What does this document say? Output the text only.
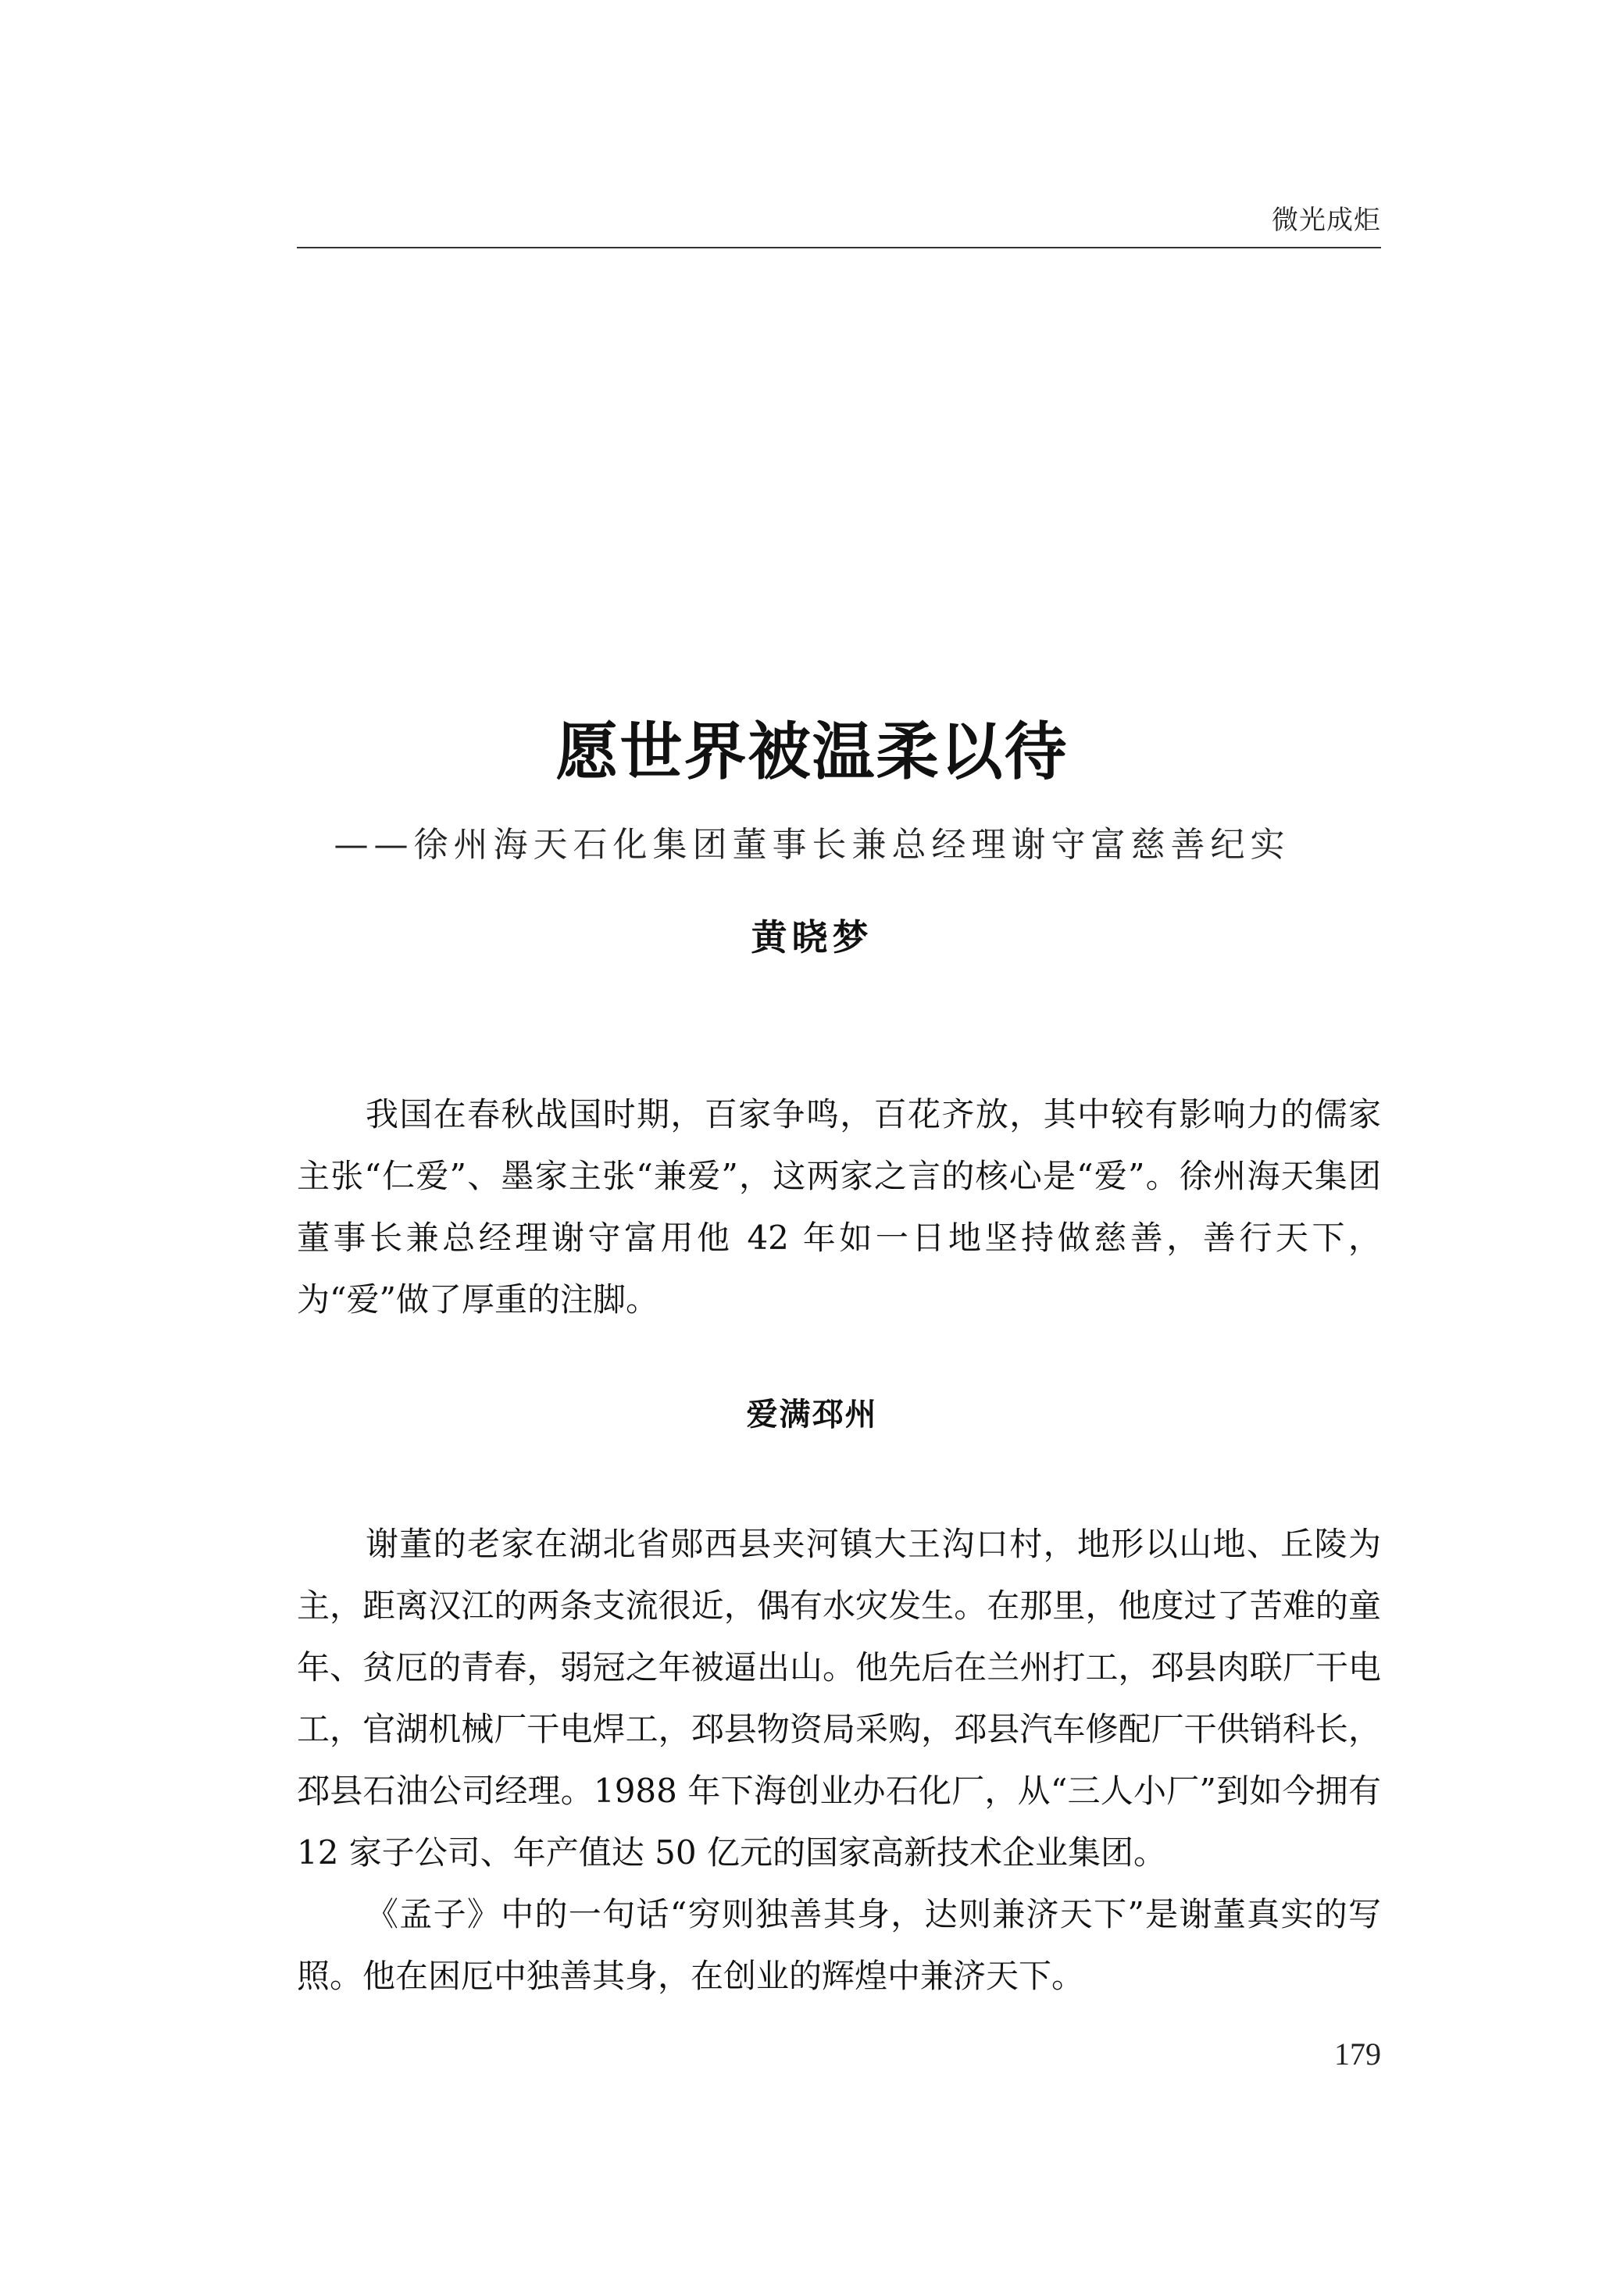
微光成炬
愿世界被温柔以待
——徐州海天石化集团董事长兼总经理谢守富慈善纪实
黄晓梦

我国在春秋战国时期，百家争鸣，百花齐放，其中较有影响力的儒家主张“仁爱”、墨家主张“兼爱”，这两家之言的核心是“爱”。徐州海天集团董事长兼总经理谢守富用他 42 年如一日地坚持做慈善，善行天下，为“爱”做了厚重的注脚。

爱满邳州

谢董的老家在湖北省郧西县夹河镇大王沟口村，地形以山地、丘陵为主，距离汉江的两条支流很近，偶有水灾发生。在那里，他度过了苦难的童年、贫厄的青春，弱冠之年被逼出山。他先后在兰州打工，邳县肉联厂干电工，官湖机械厂干电焊工，邳县物资局采购，邳县汽车修配厂干供销科长，邳县石油公司经理。1988 年下海创业办石化厂，从“三人小厂”到如今拥有 12 家子公司、年产值达 50 亿元的国家高新技术企业集团。

《孟子》中的一句话“穷则独善其身，达则兼济天下”是谢董真实的写照。他在困厄中独善其身，在创业的辉煌中兼济天下。

179
